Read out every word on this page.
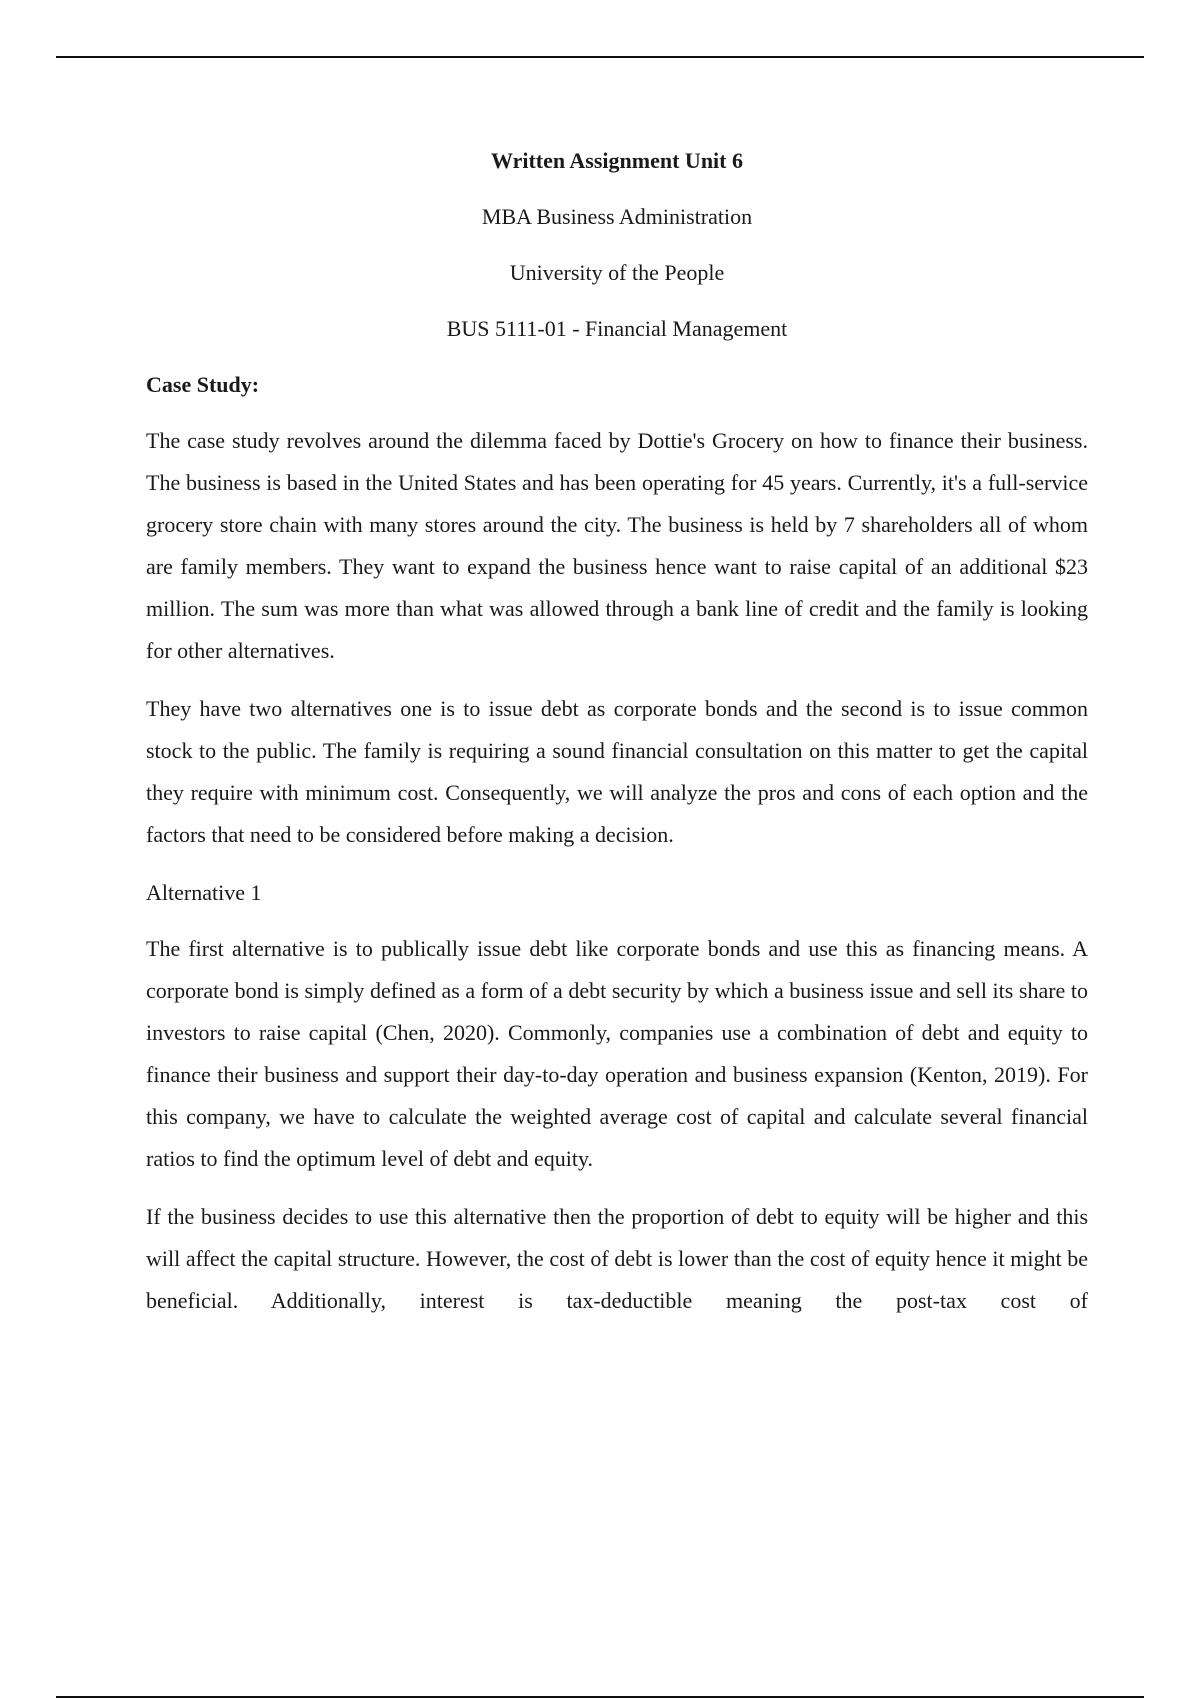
Written Assignment Unit 6
MBA Business Administration
University of the People
BUS 5111-01 - Financial Management
Case Study:

The case study revolves around the dilemma faced by Dottie's Grocery on how to finance their business. The business is based in the United States and has been operating for 45 years. Currently, it's a full-service grocery store chain with many stores around the city. The business is held by 7 shareholders all of whom are family members. They want to expand the business hence want to raise capital of an additional $23 million. The sum was more than what was allowed through a bank line of credit and the family is looking for other alternatives.

They have two alternatives one is to issue debt as corporate bonds and the second is to issue common stock to the public. The family is requiring a sound financial consultation on this matter to get the capital they require with minimum cost. Consequently, we will analyze the pros and cons of each option and the factors that need to be considered before making a decision.

Alternative 1

The first alternative is to publically issue debt like corporate bonds and use this as financing means. A corporate bond is simply defined as a form of a debt security by which a business issue and sell its share to investors to raise capital (Chen, 2020). Commonly, companies use a combination of debt and equity to finance their business and support their day-to-day operation and business expansion (Kenton, 2019). For this company, we have to calculate the weighted average cost of capital and calculate several financial ratios to find the optimum level of debt and equity.

If the business decides to use this alternative then the proportion of debt to equity will be higher and this will affect the capital structure. However, the cost of debt is lower than the cost of equity hence it might be beneficial. Additionally, interest is tax-deductible meaning the post-tax cost of
